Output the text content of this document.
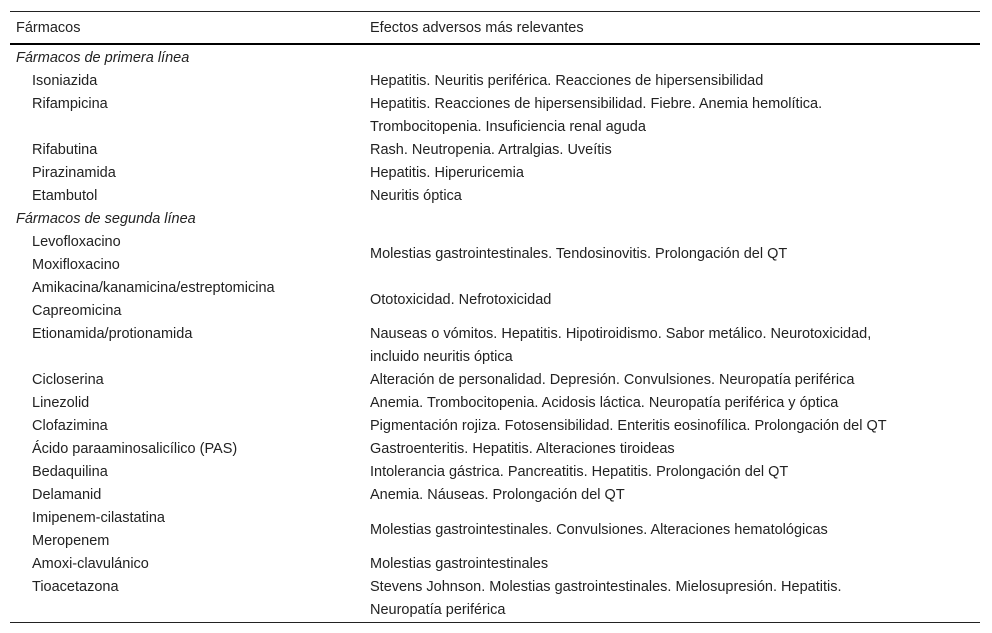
Fármacos	Efectos adversos más relevantes
Fármacos de primera línea	
Isoniazida	Hepatitis. Neuritis periférica. Reacciones de hipersensibilidad
Rifampicina	Hepatitis. Reacciones de hipersensibilidad. Fiebre. Anemia hemolítica.
Trombocitopenia. Insuficiencia renal aguda
Rifabutina	Rash. Neutropenia. Artralgias. Uveítis
Pirazinamida	Hepatitis. Hiperuricemia
Etambutol	Neuritis óptica
Fármacos de segunda línea	
Levofloxacino	Molestias gastrointestinales. Tendosinovitis. Prolongación del QT
Moxifloxacino	
Amikacina/kanamicina/estreptomicina	Ototoxicidad. Nefrotoxicidad
Capreomicina	
Etionamida/protionamida	Nauseas o vómitos. Hepatitis. Hipotiroidismo. Sabor metálico. Neurotoxicidad,
incluido neuritis óptica
Cicloserina	Alteración de personalidad. Depresión. Convulsiones. Neuropatía periférica
Linezolid	Anemia. Trombocitopenia. Acidosis láctica. Neuropatía periférica y óptica
Clofazimina	Pigmentación rojiza. Fotosensibilidad. Enteritis eosinofílica. Prolongación del QT
Ácido paraaminosalicílico (PAS)	Gastroenteritis. Hepatitis. Alteraciones tiroideas
Bedaquilina	Intolerancia gástrica. Pancreatitis. Hepatitis. Prolongación del QT
Delamanid	Anemia. Náuseas. Prolongación del QT
Imipenem-cilastatina	Molestias gastrointestinales. Convulsiones. Alteraciones hematológicas
Meropenem	
Amoxi-clavulánico	Molestias gastrointestinales
Tioacetazona	Stevens Johnson. Molestias gastrointestinales. Mielosupresión. Hepatitis.
Neuropatía periférica
